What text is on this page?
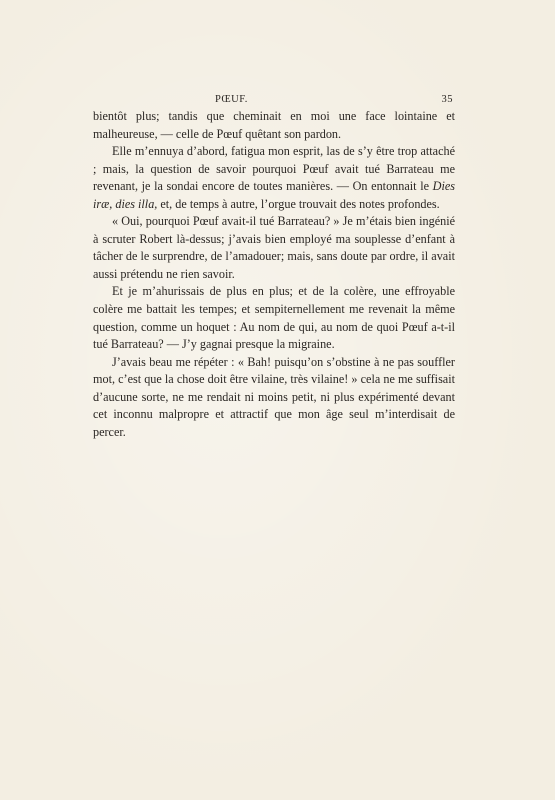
PŒUF.	35

bientôt plus; tandis que cheminait en moi une face lointaine et malheureuse, — celle de Pœuf quêtant son pardon.

Elle m’ennuya d’abord, fatigua mon esprit, las de s’y être trop attaché ; mais, la question de savoir pourquoi Pœuf avait tué Barrateau me revenant, je la sondai encore de toutes manières. — On entonnait le Dies iræ, dies illa, et, de temps à autre, l’orgue trouvait des notes profondes.

« Oui, pourquoi Pœuf avait-il tué Barrateau? » Je m’étais bien ingénié à scruter Robert là-dessus; j’avais bien employé ma souplesse d’enfant à tâcher de le surprendre, de l’amadouer; mais, sans doute par ordre, il avait aussi prétendu ne rien savoir.

Et je m’ahurissais de plus en plus; et de la colère, une effroyable colère me battait les tempes; et sempiternellement me revenait la même question, comme un hoquet : Au nom de qui, au nom de quoi Pœuf a-t-il tué Barrateau? — J’y gagnai presque la migraine.

J’avais beau me répéter : « Bah! puisqu’on s’obstine à ne pas souffler mot, c’est que la chose doit être vilaine, très vilaine! » cela ne me suffisait d’aucune sorte, ne me rendait ni moins petit, ni plus expérimenté devant cet inconnu malpropre et attractif que mon âge seul m’interdisait de percer.
